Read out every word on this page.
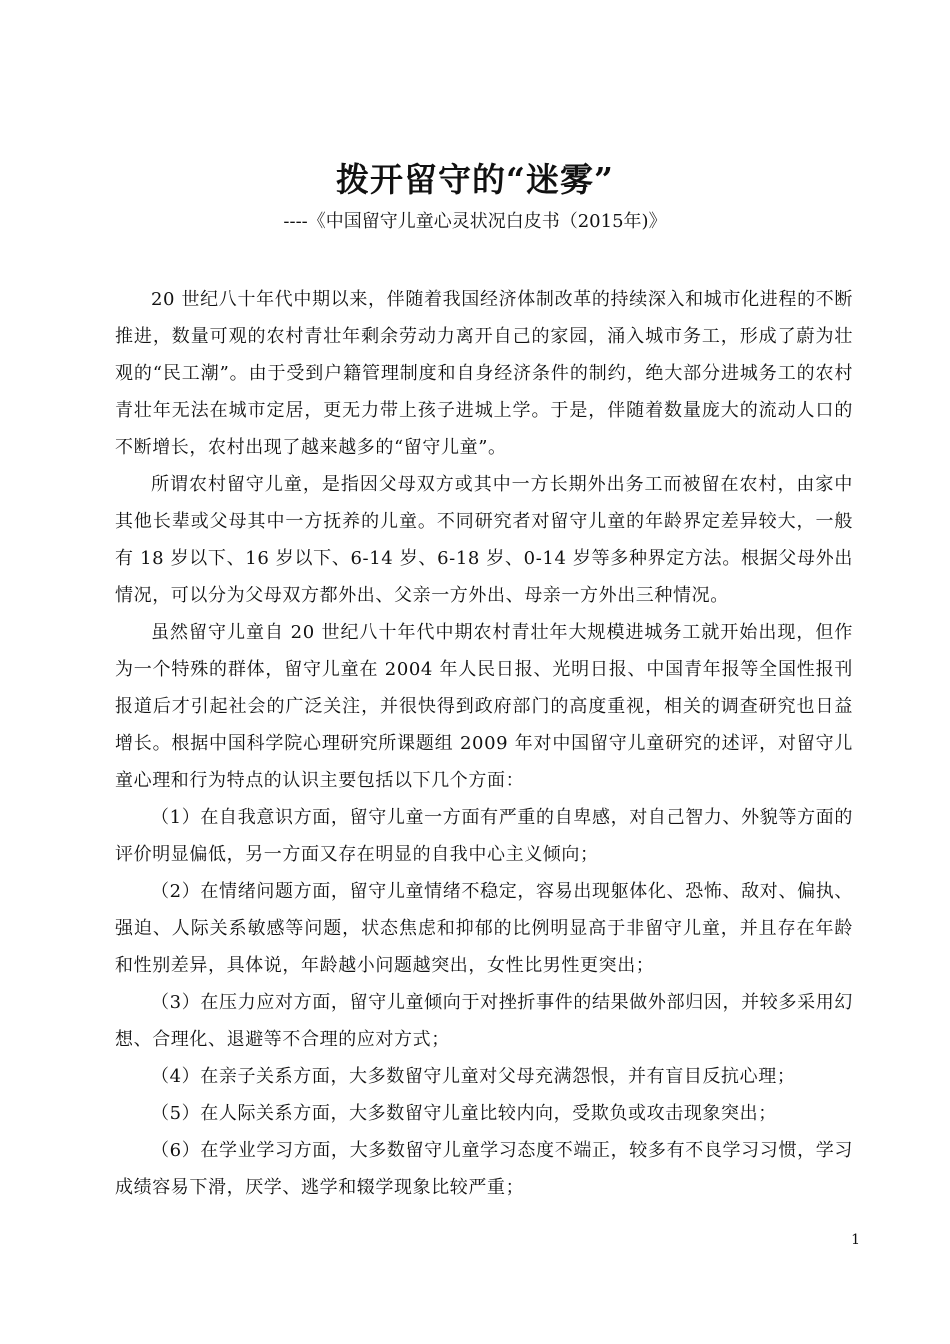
拨开留守的“迷雾”
----《中国留守儿童心灵状况白皮书（2015年)》

20 世纪八十年代中期以来，伴随着我国经济体制改革的持续深入和城市化进程的不断推进，数量可观的农村青壮年剩余劳动力离开自己的家园，涌入城市务工，形成了蔚为壮观的“民工潮”。由于受到户籍管理制度和自身经济条件的制约，绝大部分进城务工的农村青壮年无法在城市定居，更无力带上孩子进城上学。于是，伴随着数量庞大的流动人口的不断增长，农村出现了越来越多的“留守儿童”。

所谓农村留守儿童，是指因父母双方或其中一方长期外出务工而被留在农村，由家中其他长辈或父母其中一方抚养的儿童。不同研究者对留守儿童的年龄界定差异较大，一般有 18 岁以下、16 岁以下、6-14 岁、6-18 岁、0-14 岁等多种界定方法。根据父母外出情况，可以分为父母双方都外出、父亲一方外出、母亲一方外出三种情况。

虽然留守儿童自 20 世纪八十年代中期农村青壮年大规模进城务工就开始出现，但作为一个特殊的群体，留守儿童在 2004 年人民日报、光明日报、中国青年报等全国性报刊报道后才引起社会的广泛关注，并很快得到政府部门的高度重视，相关的调查研究也日益增长。根据中国科学院心理研究所课题组 2009 年对中国留守儿童研究的述评，对留守儿童心理和行为特点的认识主要包括以下几个方面：

（1）在自我意识方面，留守儿童一方面有严重的自卑感，对自己智力、外貌等方面的评价明显偏低，另一方面又存在明显的自我中心主义倾向；

（2）在情绪问题方面，留守儿童情绪不稳定，容易出现躯体化、恐怖、敌对、偏执、强迫、人际关系敏感等问题，状态焦虑和抑郁的比例明显高于非留守儿童，并且存在年龄和性别差异，具体说，年龄越小问题越突出，女性比男性更突出；

（3）在压力应对方面，留守儿童倾向于对挫折事件的结果做外部归因，并较多采用幻想、合理化、退避等不合理的应对方式；

（4）在亲子关系方面，大多数留守儿童对父母充满怨恨，并有盲目反抗心理；

（5）在人际关系方面，大多数留守儿童比较内向，受欺负或攻击现象突出；

（6）在学业学习方面，大多数留守儿童学习态度不端正，较多有不良学习习惯，学习成绩容易下滑，厌学、逃学和辍学现象比较严重；

1
